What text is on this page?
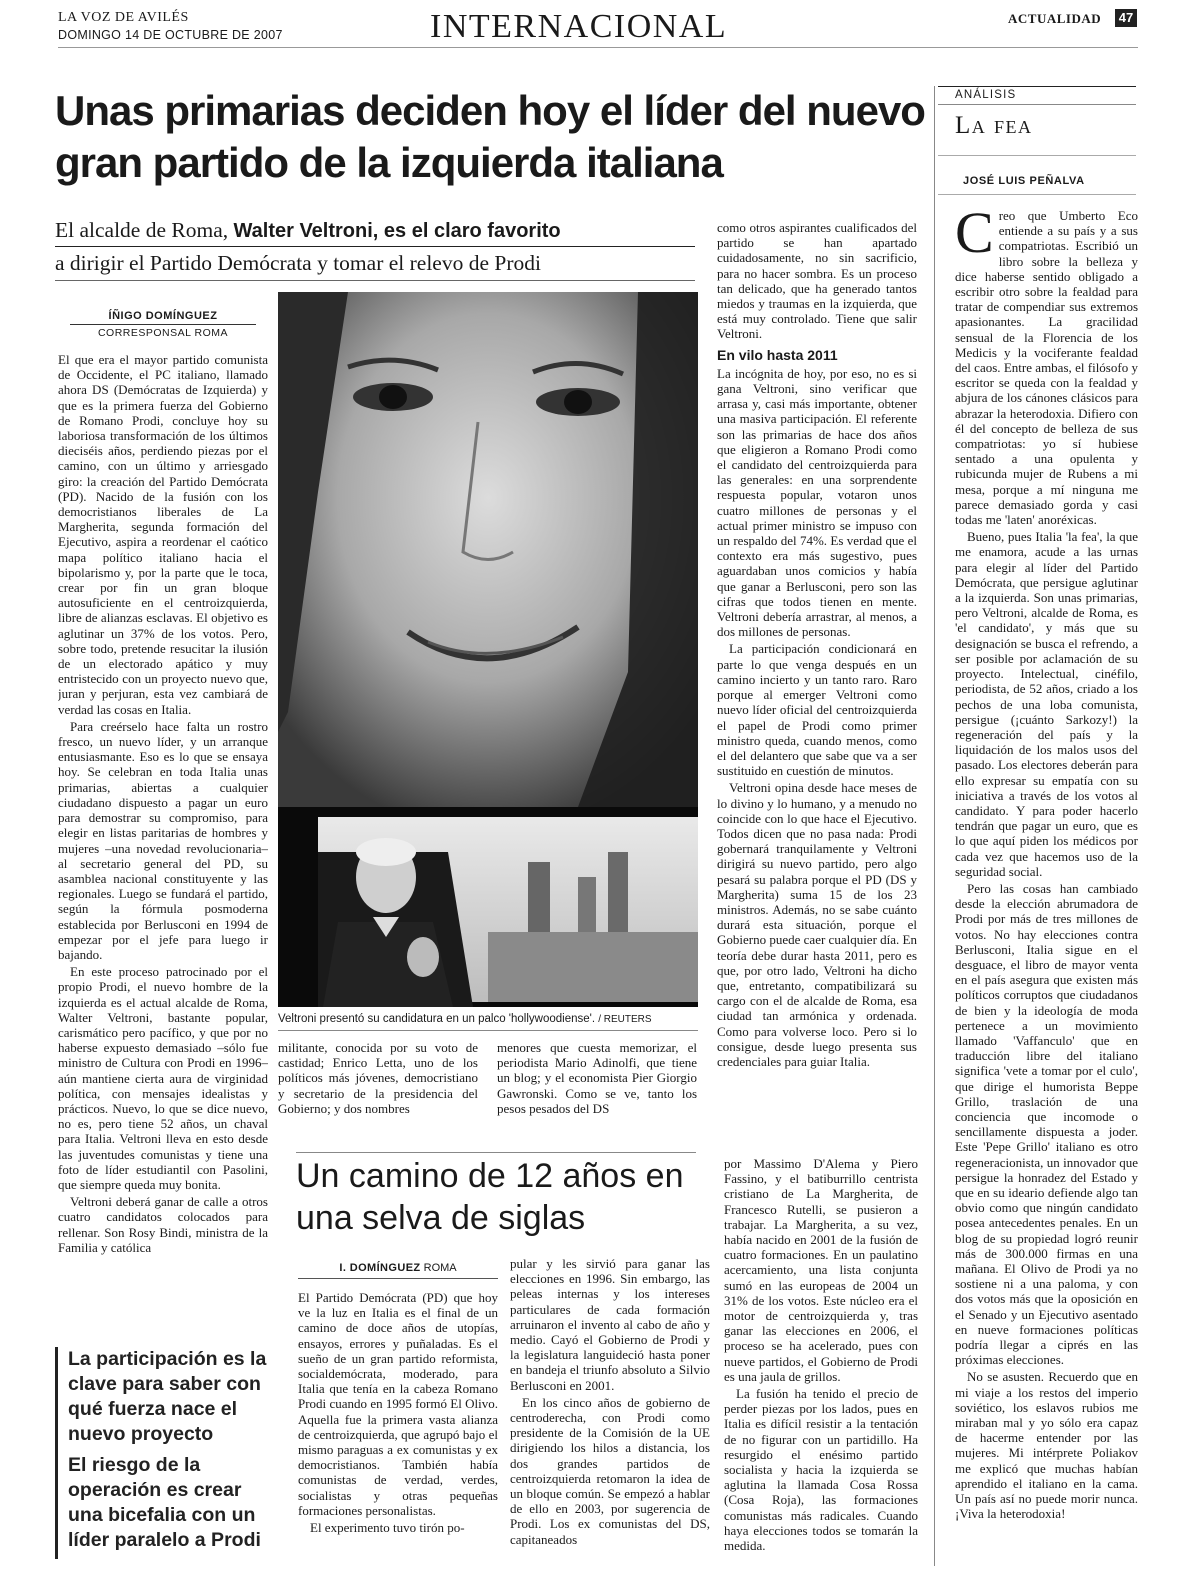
LA VOZ DE AVILÉS
DOMINGO 14 DE OCTUBRE DE 2007	INTERNACIONAL	ACTUALIDAD 47
Unas primarias deciden hoy el líder del nuevo gran partido de la izquierda italiana
El alcalde de Roma, Walter Veltroni, es el claro favorito
a dirigir el Partido Demócrata y tomar el relevo de Prodi
ÍÑIGO DOMÍNGUEZ
CORRESPONSAL ROMA

El que era el mayor partido comunista de Occidente, el PC italiano, llamado ahora DS (Demócratas de Izquierda) y que es la primera fuerza del Gobierno de Romano Prodi, concluye hoy su laboriosa transformación de los últimos dieciséis años, perdiendo piezas por el camino, con un último y arriesgado giro: la creación del Partido Demócrata (PD). Nacido de la fusión con los democristianos liberales de La Margherita, segunda formación del Ejecutivo, aspira a reordenar el caótico mapa político italiano hacia el bipolarismo y, por la parte que le toca, crear por fin un gran bloque autosuficiente en el centroizquierda, libre de alianzas esclavas. El objetivo es aglutinar un 37% de los votos. Pero, sobre todo, pretende resucitar la ilusión de un electorado apático y muy entristecido con un proyecto nuevo que, juran y perjuran, esta vez cambiará de verdad las cosas en Italia.

Para creérselo hace falta un rostro fresco, un nuevo líder, y un arranque entusiasmante. Eso es lo que se ensaya hoy. Se celebran en toda Italia unas primarias, abiertas a cualquier ciudadano dispuesto a pagar un euro para demostrar su compromiso, para elegir en listas paritarias de hombres y mujeres –una novedad revolucionaria– al secretario general del PD, su asamblea nacional constituyente y las regionales. Luego se fundará el partido, según la fórmula posmoderna establecida por Berlusconi en 1994 de empezar por el jefe para luego ir bajando.

En este proceso patrocinado por el propio Prodi, el nuevo hombre de la izquierda es el actual alcalde de Roma, Walter Veltroni, bastante popular, carismático pero pacífico, y que por no haberse expuesto demasiado –sólo fue ministro de Cultura con Prodi en 1996– aún mantiene cierta aura de virginidad política, con mensajes idealistas y prácticos. Nuevo, lo que se dice nuevo, no es, pero tiene 52 años, un chaval para Italia. Veltroni lleva en esto desde las juventudes comunistas y tiene una foto de líder estudiantil con Pasolini, que siempre queda muy bonita.

Veltroni deberá ganar de calle a otros cuatro candidatos colocados para rellenar. Son Rosy Bindi, ministra de la Familia y católica

Veltroni presentó su candidatura en un palco 'hollywoodiense'. / REUTERS

militante, conocida por su voto de castidad; Enrico Letta, uno de los políticos más jóvenes, democristiano y secretario de la presidencia del Gobierno; y dos nombres

menores que cuesta memorizar, el periodista Mario Adinolfi, que tiene un blog; y el economista Pier Giorgio Gawronski. Como se ve, tanto los pesos pesados del DS

como otros aspirantes cualificados del partido se han apartado cuidadosamente, no sin sacrificio, para no hacer sombra. Es un proceso tan delicado, que ha generado tantos miedos y traumas en la izquierda, que está muy controlado. Tiene que salir Veltroni.

En vilo hasta 2011

La incógnita de hoy, por eso, no es si gana Veltroni, sino verificar que arrasa y, casi más importante, obtener una masiva participación. El referente son las primarias de hace dos años que eligieron a Romano Prodi como el candidato del centroizquierda para las generales: en una sorprendente respuesta popular, votaron unos cuatro millones de personas y el actual primer ministro se impuso con un respaldo del 74%. Es verdad que el contexto era más sugestivo, pues aguardaban unos comicios y había que ganar a Berlusconi, pero son las cifras que todos tienen en mente. Veltroni debería arrastrar, al menos, a dos millones de personas.

La participación condicionará en parte lo que venga después en un camino incierto y un tanto raro. Raro porque al emerger Veltroni como nuevo líder oficial del centroizquierda el papel de Prodi como primer ministro queda, cuando menos, como el del delantero que sabe que va a ser sustituido en cuestión de minutos.

Veltroni opina desde hace meses de lo divino y lo humano, y a menudo no coincide con lo que hace el Ejecutivo. Todos dicen que no pasa nada: Prodi gobernará tranquilamente y Veltroni dirigirá su nuevo partido, pero algo pesará su palabra porque el PD (DS y Margherita) suma 15 de los 23 ministros. Además, no se sabe cuánto durará esta situación, porque el Gobierno puede caer cualquier día. En teoría debe durar hasta 2011, pero es que, por otro lado, Veltroni ha dicho que, entretanto, compatibilizará su cargo con el de alcalde de Roma, esa ciudad tan armónica y ordenada. Como para volverse loco. Pero si lo consigue, desde luego presenta sus credenciales para guiar Italia.

La participación es la clave para saber con qué fuerza nace el nuevo proyecto
El riesgo de la operación es crear una bicefalia con un líder paralelo a Prodi
Un camino de 12 años en una selva de siglas
I. DOMÍNGUEZ ROMA

El Partido Demócrata (PD) que hoy ve la luz en Italia es el final de un camino de doce años de utopías, ensayos, errores y puñaladas. Es el sueño de un gran partido reformista, socialdemócrata, moderado, para Italia que tenía en la cabeza Romano Prodi cuando en 1995 formó El Olivo. Aquella fue la primera vasta alianza de centroizquierda, que agrupó bajo el mismo paraguas a ex comunistas y ex democristianos. También había comunistas de verdad, verdes, socialistas y otras pequeñas formaciones personalistas.

El experimento tuvo tirón po-

pular y les sirvió para ganar las elecciones en 1996. Sin embargo, las peleas internas y los intereses particulares de cada formación arruinaron el invento al cabo de año y medio. Cayó el Gobierno de Prodi y la legislatura languideció hasta poner en bandeja el triunfo absoluto a Silvio Berlusconi en 2001.

En los cinco años de gobierno de centroderecha, con Prodi como presidente de la Comisión de la UE dirigiendo los hilos a distancia, los dos grandes partidos de centroizquierda retomaron la idea de un bloque común. Se empezó a hablar de ello en 2003, por sugerencia de Prodi. Los ex comunistas del DS, capitaneados

por Massimo D'Alema y Piero Fassino, y el batiburrillo centrista cristiano de La Margherita, de Francesco Rutelli, se pusieron a trabajar. La Margherita, a su vez, había nacido en 2001 de la fusión de cuatro formaciones. En un paulatino acercamiento, una lista conjunta sumó en las europeas de 2004 un 31% de los votos. Este núcleo era el motor de centroizquierda y, tras ganar las elecciones en 2006, el proceso se ha acelerado, pues con nueve partidos, el Gobierno de Prodi es una jaula de grillos.

La fusión ha tenido el precio de perder piezas por los lados, pues en Italia es difícil resistir a la tentación de no figurar con un partidillo. Ha resurgido el enésimo partido socialista y hacia la izquierda se aglutina la llamada Cosa Rossa (Cosa Roja), las formaciones comunistas más radicales. Cuando haya elecciones todos se tomarán la medida.

ANÁLISIS
La fea
JOSÉ LUIS PEÑALVA

Creo que Umberto Eco entiende a su país y a sus compatriotas. Escribió un libro sobre la belleza y dice haberse sentido obligado a escribir otro sobre la fealdad para tratar de compendiar sus extremos apasionantes. La gracilidad sensual de la Florencia de los Medicis y la vociferante fealdad del caos. Entre ambas, el filósofo y escritor se queda con la fealdad y abjura de los cánones clásicos para abrazar la heterodoxia. Difiero con él del concepto de belleza de sus compatriotas: yo sí hubiese sentado a una opulenta y rubicunda mujer de Rubens a mi mesa, porque a mí ninguna me parece demasiado gorda y casi todas me 'laten' anoréxicas.

Bueno, pues Italia 'la fea', la que me enamora, acude a las urnas para elegir al líder del Partido Demócrata, que persigue aglutinar a la izquierda. Son unas primarias, pero Veltroni, alcalde de Roma, es 'el candidato', y más que su designación se busca el refrendo, a ser posible por aclamación de su proyecto. Intelectual, cinéfilo, periodista, de 52 años, criado a los pechos de una loba comunista, persigue (¡cuánto Sarkozy!) la regeneración del país y la liquidación de los malos usos del pasado. Los electores deberán para ello expresar su empatía con su iniciativa a través de los votos al candidato. Y para poder hacerlo tendrán que pagar un euro, que es lo que aquí piden los médicos por cada vez que hacemos uso de la seguridad social.

Pero las cosas han cambiado desde la elección abrumadora de Prodi por más de tres millones de votos. No hay elecciones contra Berlusconi, Italia sigue en el desguace, el libro de mayor venta en el país asegura que existen más políticos corruptos que ciudadanos de bien y la ideología de moda pertenece a un movimiento llamado 'Vaffanculo' que en traducción libre del italiano significa 'vete a tomar por el culo', que dirige el humorista Beppe Grillo, traslación de una conciencia que incomode o sencillamente dispuesta a joder. Este 'Pepe Grillo' italiano es otro regeneracionista, un innovador que persigue la honradez del Estado y que en su ideario defiende algo tan obvio como que ningún candidato posea antecedentes penales. En un blog de su propiedad logró reunir más de 300.000 firmas en una mañana. El Olivo de Prodi ya no sostiene ni a una paloma, y con dos votos más que la oposición en el Senado y un Ejecutivo asentado en nueve formaciones políticas podría llegar a ciprés en las próximas elecciones.

No se asusten. Recuerdo que en mi viaje a los restos del imperio soviético, los eslavos rubios me miraban mal y yo sólo era capaz de hacerme entender por las mujeres. Mi intérprete Poliakov me explicó que muchas habían aprendido el italiano en la cama. Un país así no puede morir nunca. ¡Viva la heterodoxia!
